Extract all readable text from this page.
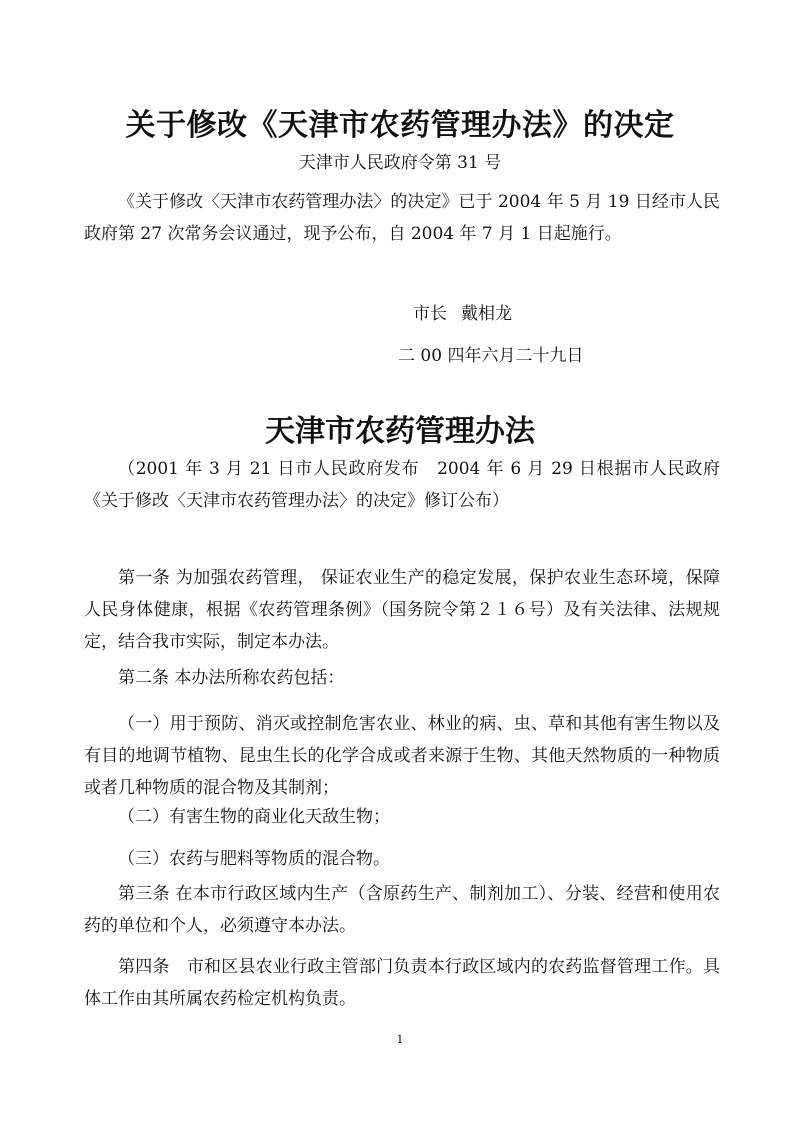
关于修改《天津市农药管理办法》的决定
天津市人民政府令第 31 号
《关于修改〈天津市农药管理办法〉的决定》已于 2004 年 5 月 19 日经市人民政府第 27 次常务会议通过，现予公布，自 2004 年 7 月 1 日起施行。
市长 戴相龙
二 00 四年六月二十九日
天津市农药管理办法
（2001 年 3 月 21 日市人民政府发布　2004 年 6 月 29 日根据市人民政府《关于修改〈天津市农药管理办法〉的决定》修订公布）
第一条 为加强农药管理， 保证农业生产的稳定发展，保护农业生态环境，保障人民身体健康，根据《农药管理条例》（国务院令第２１６号）及有关法律、法规规定，结合我市实际，制定本办法。
第二条 本办法所称农药包括：
（一）用于预防、消灭或控制危害农业、林业的病、虫、草和其他有害生物以及有目的地调节植物、昆虫生长的化学合成或者来源于生物、其他天然物质的一种物质或者几种物质的混合物及其制剂；
（二）有害生物的商业化天敌生物；
（三）农药与肥料等物质的混合物。
第三条 在本市行政区域内生产（含原药生产、制剂加工）、分装、经营和使用农药的单位和个人，必须遵守本办法。
第四条　市和区县农业行政主管部门负责本行政区域内的农药监督管理工作。具体工作由其所属农药检定机构负责。
1
